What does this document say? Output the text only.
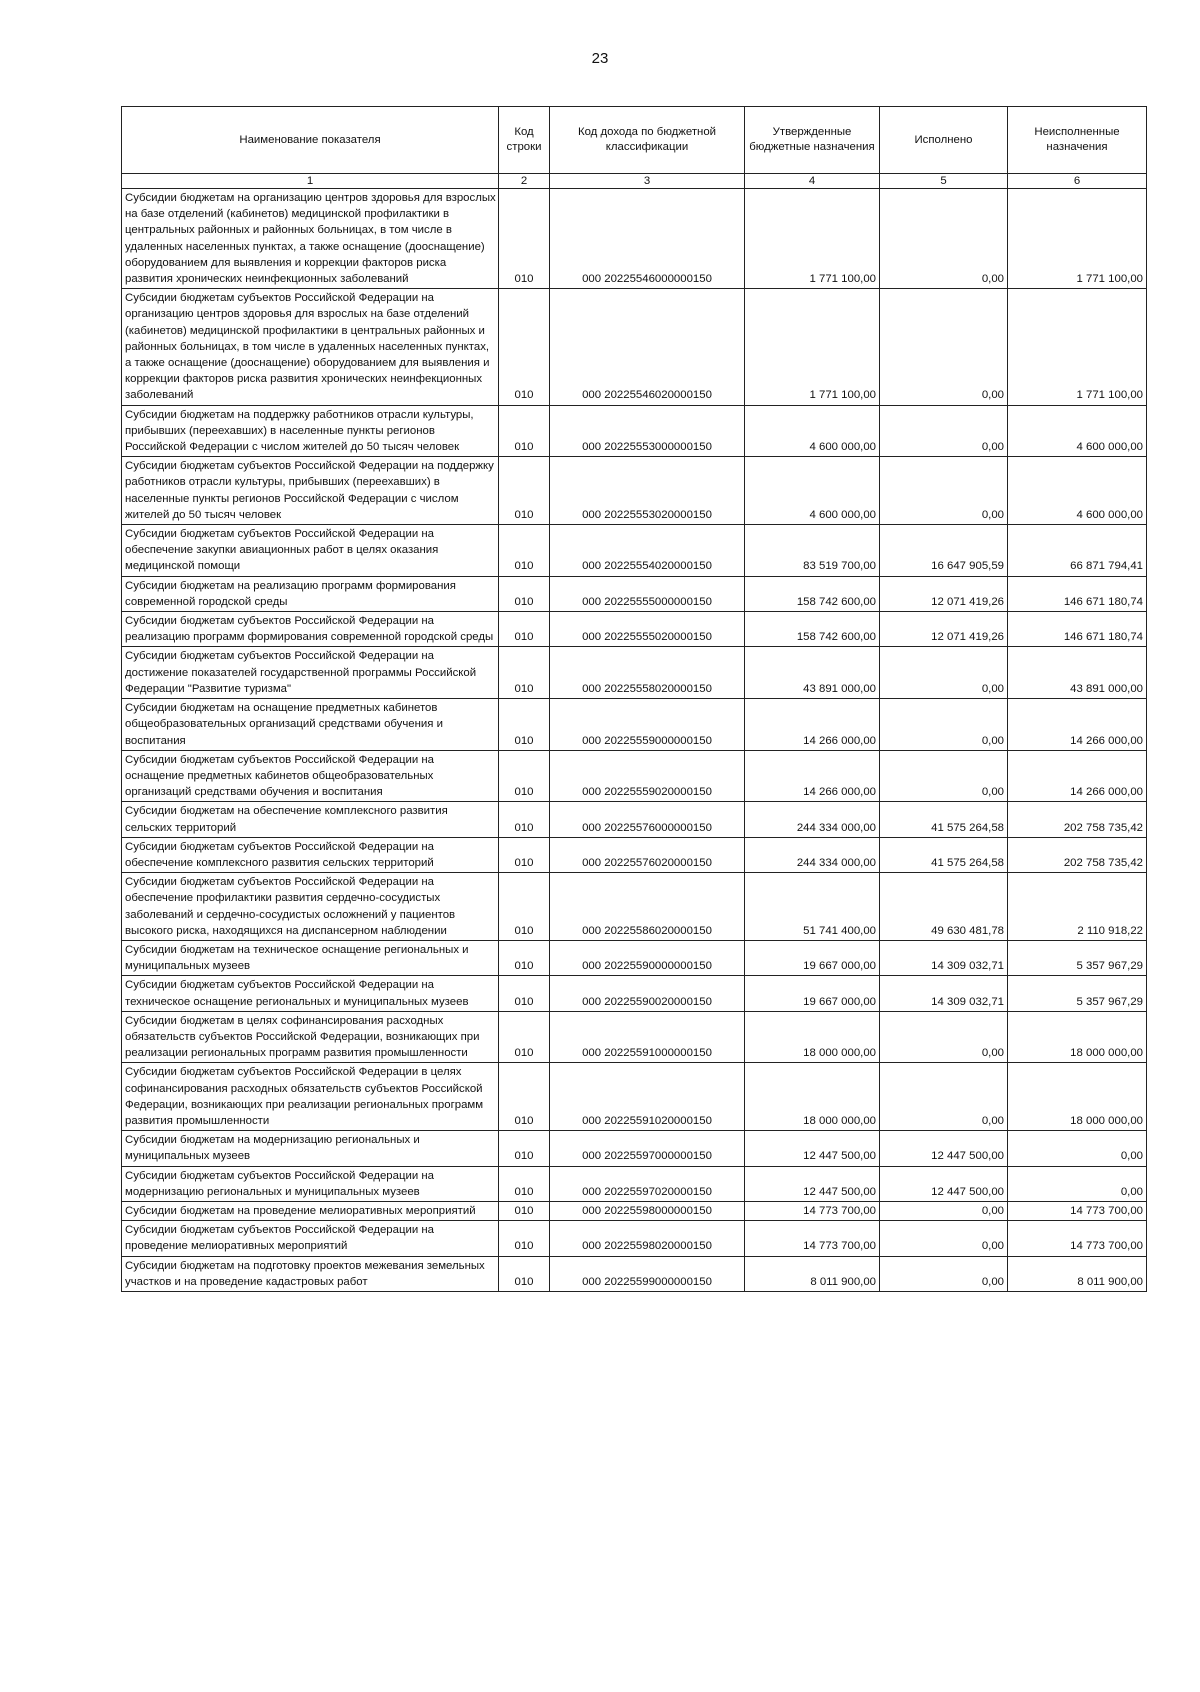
23
Наименование показателя	Код строки	Код дохода по бюджетной классификации	Утвержденные бюджетные назначения	Исполнено	Неисполненные назначения
1	2	3	4	5	6
Субсидии бюджетам на организацию центров здоровья для взрослых на базе отделений (кабинетов) медицинской профилактики в центральных районных и районных больницах, в том числе в удаленных населенных пунктах, а также оснащение (дооснащение) оборудованием для выявления и коррекции факторов риска развития хронических неинфекционных заболеваний	010	000 20225546000000150	1 771 100,00	0,00	1 771 100,00
Субсидии бюджетам субъектов Российской Федерации на организацию центров здоровья для взрослых на базе отделений (кабинетов) медицинской профилактики в центральных районных и районных больницах, в том числе в удаленных населенных пунктах, а также оснащение (дооснащение) оборудованием для выявления и коррекции факторов риска развития хронических неинфекционных заболеваний	010	000 20225546020000150	1 771 100,00	0,00	1 771 100,00
Субсидии бюджетам на поддержку работников отрасли культуры, прибывших (переехавших) в населенные пункты регионов Российской Федерации с числом жителей до 50 тысяч человек	010	000 20225553000000150	4 600 000,00	0,00	4 600 000,00
Субсидии бюджетам субъектов Российской Федерации на поддержку работников отрасли культуры, прибывших (переехавших) в населенные пункты регионов Российской Федерации с числом жителей до 50 тысяч человек	010	000 20225553020000150	4 600 000,00	0,00	4 600 000,00
Субсидии бюджетам субъектов Российской Федерации на обеспечение закупки авиационных работ в целях оказания медицинской помощи	010	000 20225554020000150	83 519 700,00	16 647 905,59	66 871 794,41
Субсидии бюджетам на реализацию программ формирования современной городской среды	010	000 20225555000000150	158 742 600,00	12 071 419,26	146 671 180,74
Субсидии бюджетам субъектов Российской Федерации на реализацию программ формирования современной городской среды	010	000 20225555020000150	158 742 600,00	12 071 419,26	146 671 180,74
Субсидии бюджетам субъектов Российской Федерации на достижение показателей государственной программы Российской Федерации "Развитие туризма"	010	000 20225558020000150	43 891 000,00	0,00	43 891 000,00
Субсидии бюджетам на оснащение предметных кабинетов общеобразовательных организаций средствами обучения и воспитания	010	000 20225559000000150	14 266 000,00	0,00	14 266 000,00
Субсидии бюджетам субъектов Российской Федерации на оснащение предметных кабинетов общеобразовательных организаций средствами обучения и воспитания	010	000 20225559020000150	14 266 000,00	0,00	14 266 000,00
Субсидии бюджетам на обеспечение комплексного развития сельских территорий	010	000 20225576000000150	244 334 000,00	41 575 264,58	202 758 735,42
Субсидии бюджетам субъектов Российской Федерации на обеспечение комплексного развития сельских территорий	010	000 20225576020000150	244 334 000,00	41 575 264,58	202 758 735,42
Субсидии бюджетам субъектов Российской Федерации на обеспечение профилактики развития сердечно-сосудистых заболеваний и сердечно-сосудистых осложнений у пациентов высокого риска, находящихся на диспансерном наблюдении	010	000 20225586020000150	51 741 400,00	49 630 481,78	2 110 918,22
Субсидии бюджетам на техническое оснащение региональных и муниципальных музеев	010	000 20225590000000150	19 667 000,00	14 309 032,71	5 357 967,29
Субсидии бюджетам субъектов Российской Федерации на техническое оснащение региональных и муниципальных музеев	010	000 20225590020000150	19 667 000,00	14 309 032,71	5 357 967,29
Субсидии бюджетам в целях софинансирования расходных обязательств субъектов Российской Федерации, возникающих при реализации региональных программ развития промышленности	010	000 20225591000000150	18 000 000,00	0,00	18 000 000,00
Субсидии бюджетам субъектов Российской Федерации в целях софинансирования расходных обязательств субъектов Российской Федерации, возникающих при реализации региональных программ развития промышленности	010	000 20225591020000150	18 000 000,00	0,00	18 000 000,00
Субсидии бюджетам на модернизацию региональных и муниципальных музеев	010	000 20225597000000150	12 447 500,00	12 447 500,00	0,00
Субсидии бюджетам субъектов Российской Федерации на модернизацию региональных и муниципальных музеев	010	000 20225597020000150	12 447 500,00	12 447 500,00	0,00
Субсидии бюджетам на проведение мелиоративных мероприятий	010	000 20225598000000150	14 773 700,00	0,00	14 773 700,00
Субсидии бюджетам субъектов Российской Федерации на проведение мелиоративных мероприятий	010	000 20225598020000150	14 773 700,00	0,00	14 773 700,00
Субсидии бюджетам на подготовку проектов межевания земельных участков и на проведение кадастровых работ	010	000 20225599000000150	8 011 900,00	0,00	8 011 900,00
